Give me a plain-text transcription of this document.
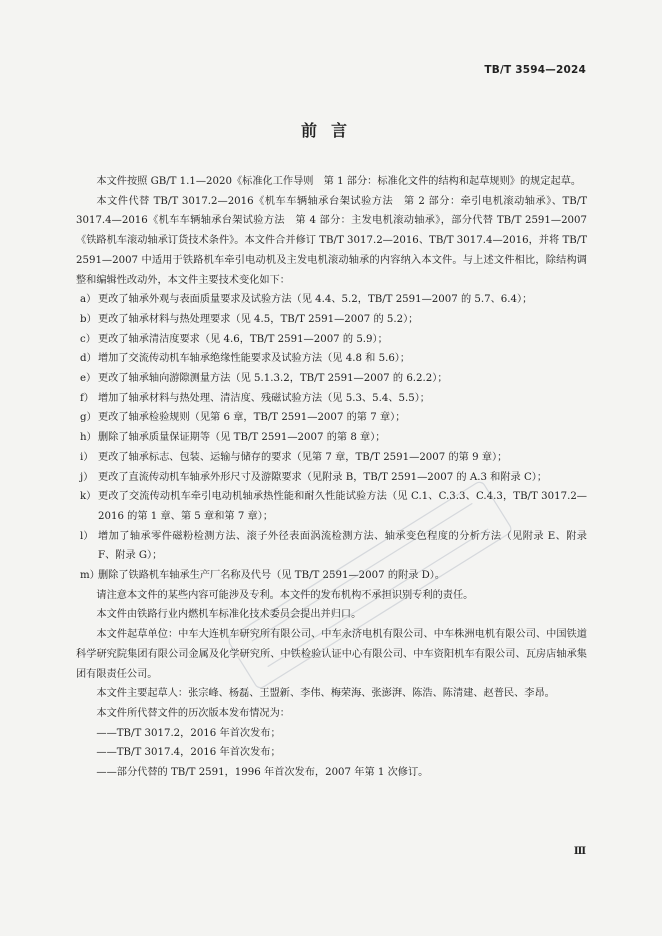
TB/T 3594—2024
前言

本文件按照 GB/T 1.1—2020《标准化工作导则　第 1 部分：标准化文件的结构和起草规则》的规定起草。

本文件代替 TB/T 3017.2—2016《机车车辆轴承台架试验方法　第 2 部分：牵引电机滚动轴承》、TB/T 3017.4—2016《机车车辆轴承台架试验方法　第 4 部分：主发电机滚动轴承》，部分代替 TB/T 2591—2007《铁路机车滚动轴承订货技术条件》。本文件合并修订 TB/T 3017.2—2016、TB/T 3017.4—2016，并将 TB/T 2591—2007 中适用于铁路机车牵引电动机及主发电机滚动轴承的内容纳入本文件。与上述文件相比，除结构调整和编辑性改动外，本文件主要技术变化如下：

a） 更改了轴承外观与表面质量要求及试验方法（见 4.4、5.2，TB/T 2591—2007 的 5.7、6.4）；
b） 更改了轴承材料与热处理要求（见 4.5，TB/T 2591—2007 的 5.2）；
c） 更改了轴承清洁度要求（见 4.6，TB/T 2591—2007 的 5.9）；
d） 增加了交流传动机车轴承绝缘性能要求及试验方法（见 4.8 和 5.6）；
e） 更改了轴承轴向游隙测量方法（见 5.1.3.2，TB/T 2591—2007 的 6.2.2）；
f） 增加了轴承材料与热处理、清洁度、残磁试验方法（见 5.3、5.4、5.5）；
g） 更改了轴承检验规则（见第 6 章，TB/T 2591—2007 的第 7 章）；
h） 删除了轴承质量保证期等（见 TB/T 2591—2007 的第 8 章）；
i） 更改了轴承标志、包装、运输与储存的要求（见第 7 章，TB/T 2591—2007 的第 9 章）；
j） 更改了直流传动机车轴承外形尺寸及游隙要求（见附录 B，TB/T 2591—2007 的 A.3 和附录 C）；
k） 更改了交流传动机车牵引电动机轴承热性能和耐久性能试验方法（见 C.1、C.3.3、C.4.3，TB/T 3017.2—2016 的第 1 章、第 5 章和第 7 章）；
l） 增加了轴承零件磁粉检测方法、滚子外径表面涡流检测方法、轴承变色程度的分析方法（见附录 E、附录 F、附录 G）；
m）
删除了铁路机车轴承生产厂名称及代号（见 TB/T 2591—2007 的附录 D）。

请注意本文件的某些内容可能涉及专利。本文件的发布机构不承担识别专利的责任。

本文件由铁路行业内燃机车标准化技术委员会提出并归口。

本文件起草单位：中车大连机车研究所有限公司、中车永济电机有限公司、中车株洲电机有限公司、中国铁道科学研究院集团有限公司金属及化学研究所、中铁检验认证中心有限公司、中车资阳机车有限公司、瓦房店轴承集团有限责任公司。

本文件主要起草人：张宗峰、杨磊、王盟新、李伟、梅荣海、张澎湃、陈浩、陈清建、赵普民、李昂。

本文件所代替文件的历次版本发布情况为：

——TB/T 3017.2，2016 年首次发布；

——TB/T 3017.4，2016 年首次发布；

——部分代替的 TB/T 2591，1996 年首次发布，2007 年第 1 次修订。

Ⅲ
